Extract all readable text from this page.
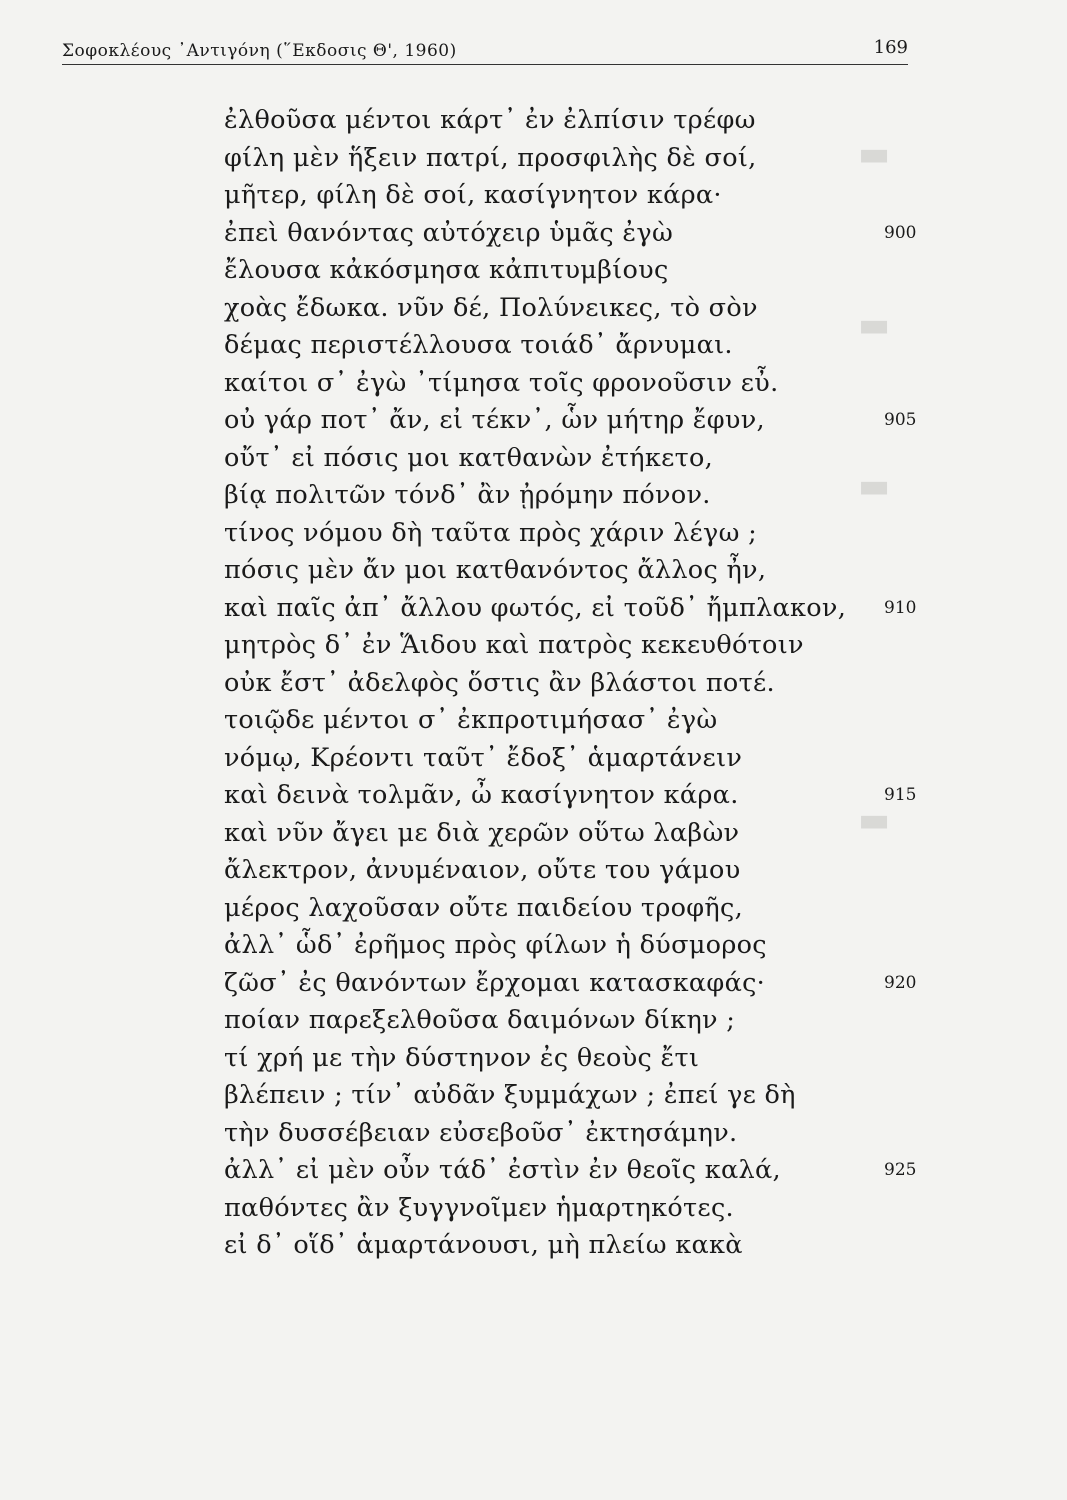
▬
▬
▬
▬
Σοφοκλέους ᾿Αντιγόνη (῞Εκδοσις Θ', 1960)	169
ἐλθοῦσα μέντοι κάρτ᾿ ἐν ἐλπίσιν τρέφω
φίλη μὲν ἥξειν πατρί, προσφιλὴς δὲ σοί,
μῆτερ, φίλη δὲ σοί, κασίγνητον κάρα·
ἐπεὶ θανόντας αὐτόχειρ ὑμᾶς ἐγὼ	900
ἔλουσα κἀκόσμησα κἀπιτυμβίους
χοὰς ἔδωκα. νῦν δέ, Πολύνεικες, τὸ σὸν
δέμας περιστέλλουσα τοιάδ᾿ ἄρνυμαι.
καίτοι σ᾿ ἐγὼ ᾿τίμησα τοῖς φρονοῦσιν εὖ.
οὐ γάρ ποτ᾿ ἄν, εἰ τέκν᾿, ὧν μήτηρ ἔφυν,	905
οὔτ᾿ εἰ πόσις μοι κατθανὼν ἐτήκετο,
βίᾳ πολιτῶν τόνδ᾿ ἂν ᾐρόμην πόνον.
τίνος νόμου δὴ ταῦτα πρὸς χάριν λέγω ;
πόσις μὲν ἄν μοι κατθανόντος ἄλλος ἦν,
καὶ παῖς ἀπ᾿ ἄλλου φωτός, εἰ τοῦδ᾿ ἤμπλακον, 910
μητρὸς δ᾿ ἐν Ἅιδου καὶ πατρὸς κεκευθότοιν
οὐκ ἔστ᾿ ἀδελφὸς ὅστις ἂν βλάστοι ποτέ.
τοιῷδε μέντοι σ᾿ ἐκπροτιμήσασ᾿ ἐγὼ
νόμῳ, Κρέοντι ταῦτ᾿ ἔδοξ᾿ ἁμαρτάνειν
καὶ δεινὰ τολμᾶν, ὦ κασίγνητον κάρα.	915
καὶ νῦν ἄγει με διὰ χερῶν οὕτω λαβὼν
ἄλεκτρον, ἀνυμέναιον, οὔτε του γάμου
μέρος λαχοῦσαν οὔτε παιδείου τροφῆς,
ἀλλ᾿ ὧδ᾿ ἐρῆμος πρὸς φίλων ἡ δύσμορος
ζῶσ᾿ ἐς θανόντων ἔρχομαι κατασκαφάς·	920
ποίαν παρεξελθοῦσα δαιμόνων δίκην ;
τί χρή με τὴν δύστηνον ἐς θεοὺς ἔτι
βλέπειν ; τίν᾿ αὐδᾶν ξυμμάχων ; ἐπεί γε δὴ
τὴν δυσσέβειαν εὐσεβοῦσ᾿ ἐκτησάμην.
ἀλλ᾿ εἰ μὲν οὖν τάδ᾿ ἐστὶν ἐν θεοῖς καλά,	925
παθόντες ἂν ξυγγνοῖμεν ἡμαρτηκότες.
εἰ δ᾿ οἵδ᾿ ἁμαρτάνουσι, μὴ πλείω κακὰ
